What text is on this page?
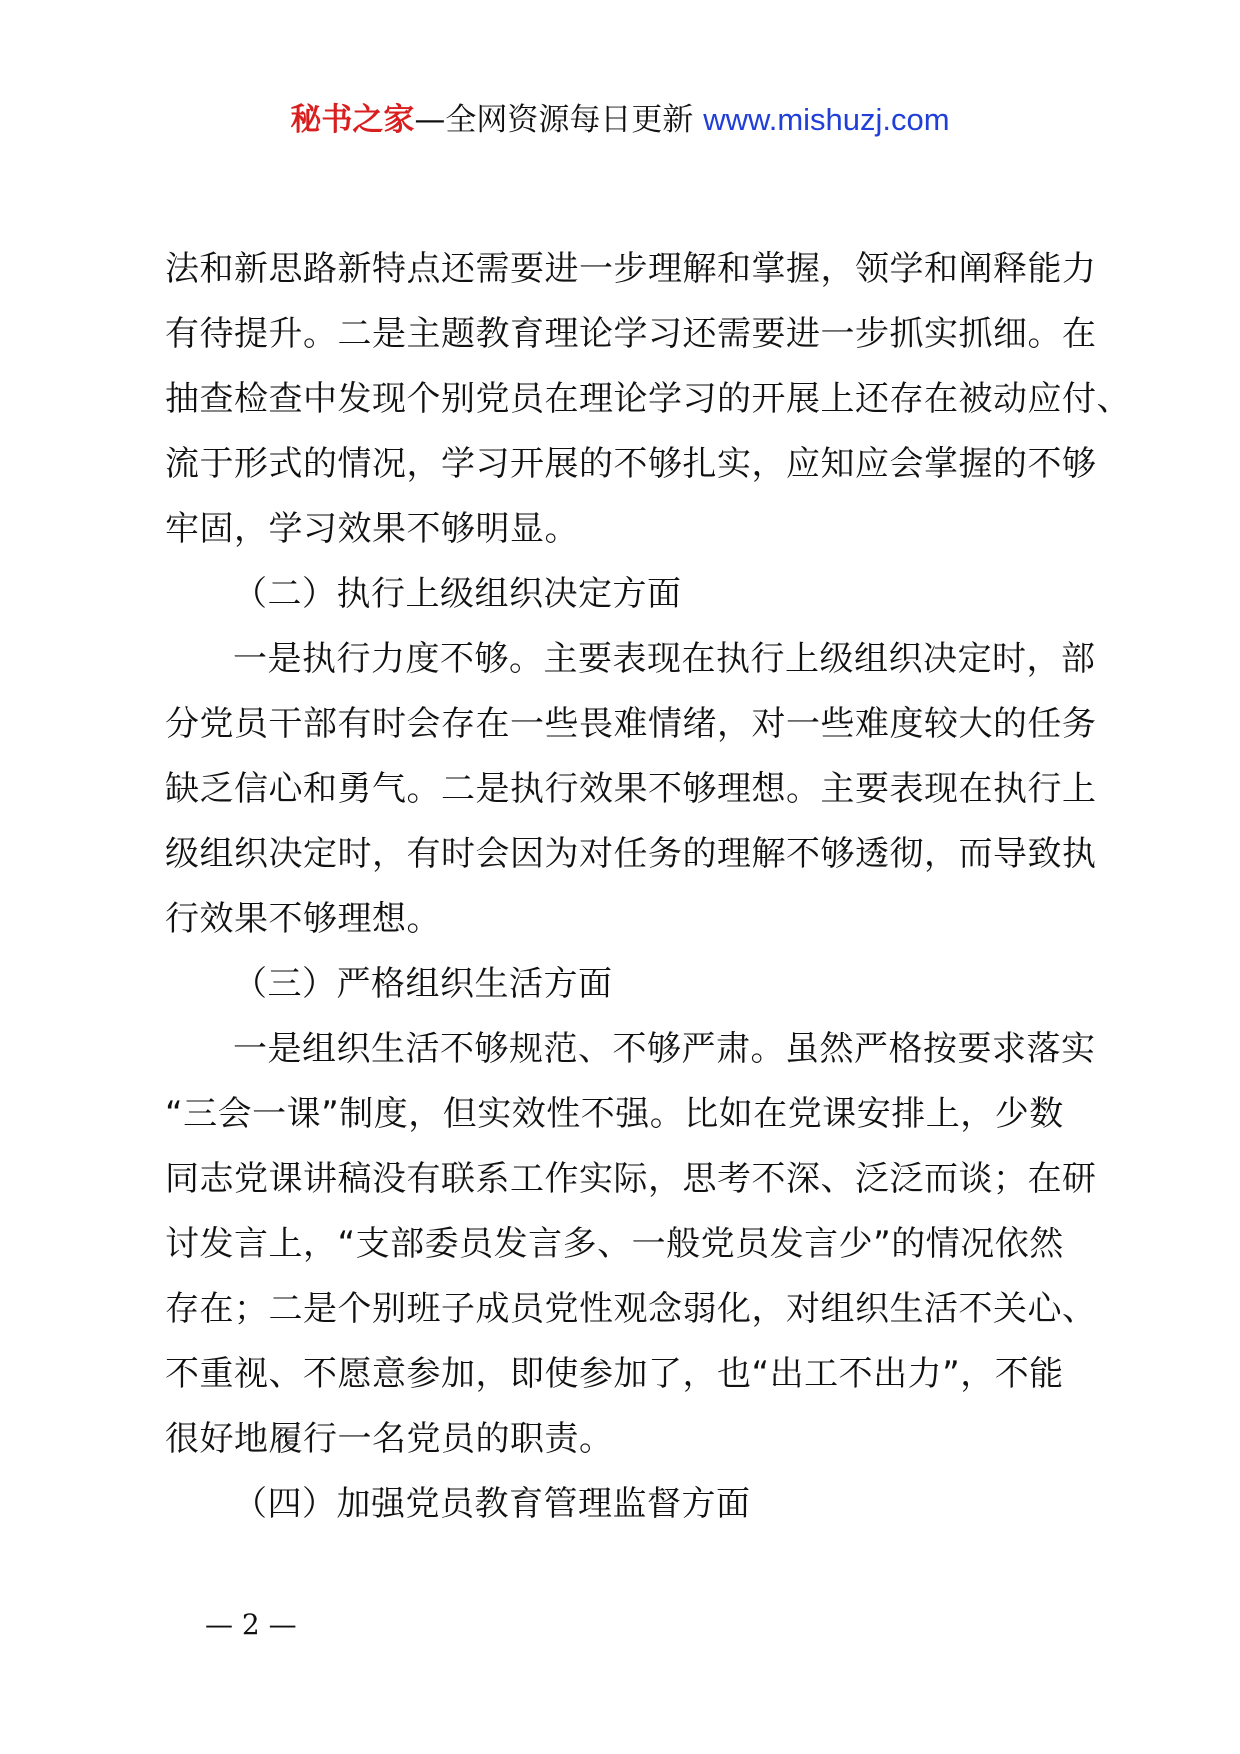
秘书之家—全网资源每日更新 www.mishuzj.com
法和新思路新特点还需要进一步理解和掌握，领学和阐释能力
有待提升。二是主题教育理论学习还需要进一步抓实抓细。在
抽查检查中发现个别党员在理论学习的开展上还存在被动应付、
流于形式的情况，学习开展的不够扎实，应知应会掌握的不够
牢固，学习效果不够明显。
（二）执行上级组织决定方面
一是执行力度不够。主要表现在执行上级组织决定时，部
分党员干部有时会存在一些畏难情绪，对一些难度较大的任务
缺乏信心和勇气。二是执行效果不够理想。主要表现在执行上
级组织决定时，有时会因为对任务的理解不够透彻，而导致执
行效果不够理想。
（三）严格组织生活方面
一是组织生活不够规范、不够严肃。虽然严格按要求落实
“三会一课”制度，但实效性不强。比如在党课安排上，少数
同志党课讲稿没有联系工作实际，思考不深、泛泛而谈；在研
讨发言上，“支部委员发言多、一般党员发言少”的情况依然
存在；二是个别班子成员党性观念弱化，对组织生活不关心、
不重视、不愿意参加，即使参加了，也“出工不出力”，不能
很好地履行一名党员的职责。
（四）加强党员教育管理监督方面
— 2 —
